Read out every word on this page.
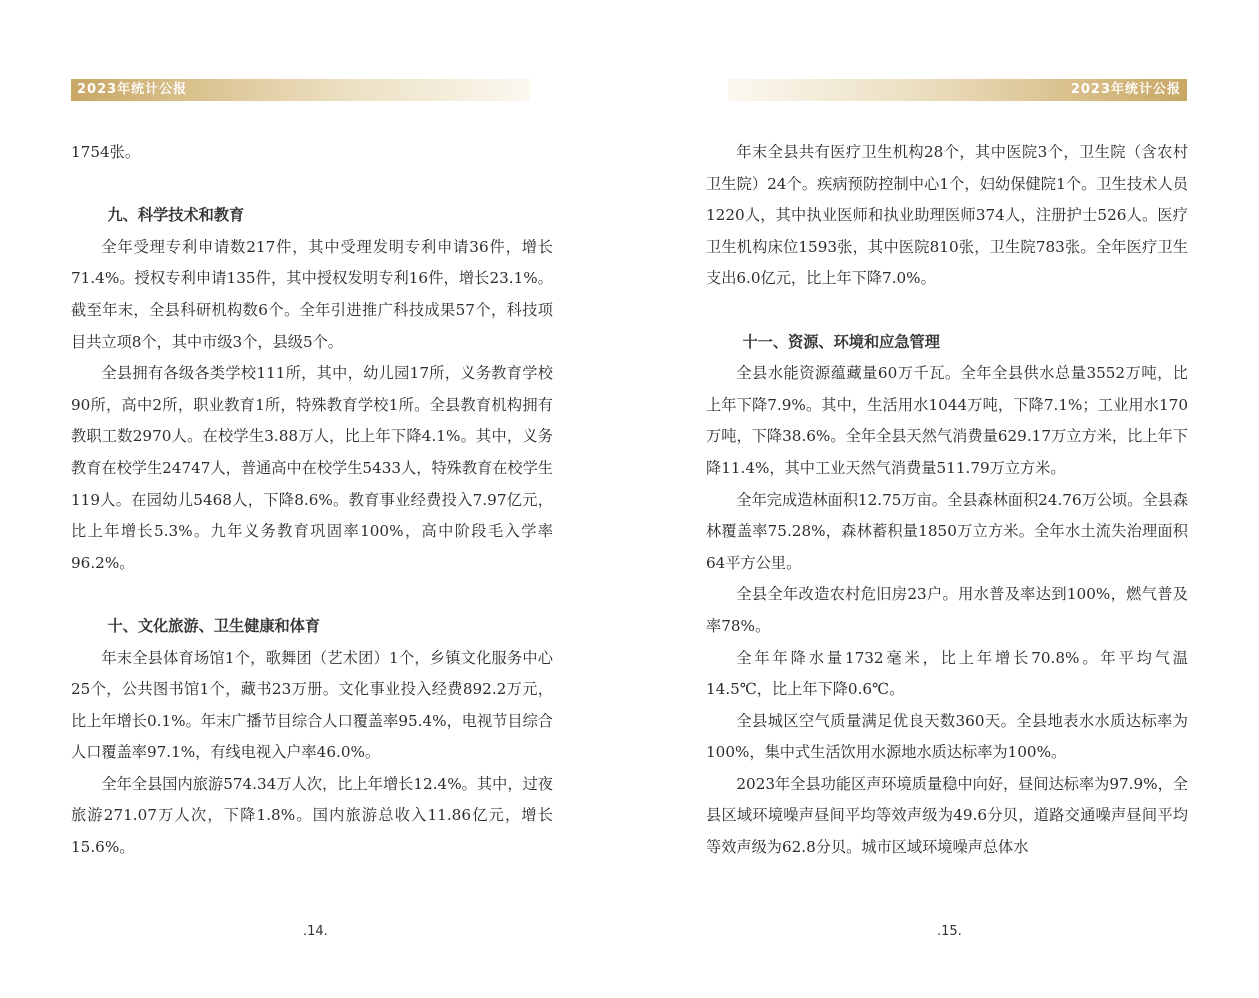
2023年统计公报

1754张。

九、科学技术和教育

全年受理专利申请数217件，其中受理发明专利申请36件，增长71.4%。授权专利申请135件，其中授权发明专利16件，增长23.1%。截至年末，全县科研机构数6个。全年引进推广科技成果57个，科技项目共立项8个，其中市级3个，县级5个。

全县拥有各级各类学校111所，其中，幼儿园17所，义务教育学校90所，高中2所，职业教育1所，特殊教育学校1所。全县教育机构拥有教职工数2970人。在校学生3.88万人，比上年下降4.1%。其中，义务教育在校学生24747人，普通高中在校学生5433人，特殊教育在校学生119人。在园幼儿5468人，下降8.6%。教育事业经费投入7.97亿元，比上年增长5.3%。九年义务教育巩固率100%，高中阶段毛入学率96.2%。

十、文化旅游、卫生健康和体育

年末全县体育场馆1个，歌舞团（艺术团）1个，乡镇文化服务中心25个，公共图书馆1个，藏书23万册。文化事业投入经费892.2万元，比上年增长0.1%。年末广播节目综合人口覆盖率95.4%，电视节目综合人口覆盖率97.1%，有线电视入户率46.0%。

全年全县国内旅游574.34万人次，比上年增长12.4%。其中，过夜旅游271.07万人次，下降1.8%。国内旅游总收入11.86亿元，增长15.6%。

.14.
2023年统计公报

年末全县共有医疗卫生机构28个，其中医院3个，卫生院（含农村卫生院）24个。疾病预防控制中心1个，妇幼保健院1个。卫生技术人员1220人，其中执业医师和执业助理医师374人，注册护士526人。医疗卫生机构床位1593张，其中医院810张，卫生院783张。全年医疗卫生支出6.0亿元，比上年下降7.0%。

十一、资源、环境和应急管理

全县水能资源蕴藏量60万千瓦。全年全县供水总量3552万吨，比上年下降7.9%。其中，生活用水1044万吨，下降7.1%；工业用水170万吨，下降38.6%。全年全县天然气消费量629.17万立方米，比上年下降11.4%，其中工业天然气消费量511.79万立方米。

全年完成造林面积12.75万亩。全县森林面积24.76万公顷。全县森林覆盖率75.28%，森林蓄积量1850万立方米。全年水土流失治理面积64平方公里。

全县全年改造农村危旧房23户。用水普及率达到100%，燃气普及率78%。

全年年降水量1732毫米，比上年增长70.8%。年平均气温14.5℃，比上年下降0.6℃。

全县城区空气质量满足优良天数360天。全县地表水水质达标率为100%，集中式生活饮用水源地水质达标率为100%。

2023年全县功能区声环境质量稳中向好，昼间达标率为97.9%，全县区域环境噪声昼间平均等效声级为49.6分贝，道路交通噪声昼间平均等效声级为62.8分贝。城市区域环境噪声总体水

.15.
